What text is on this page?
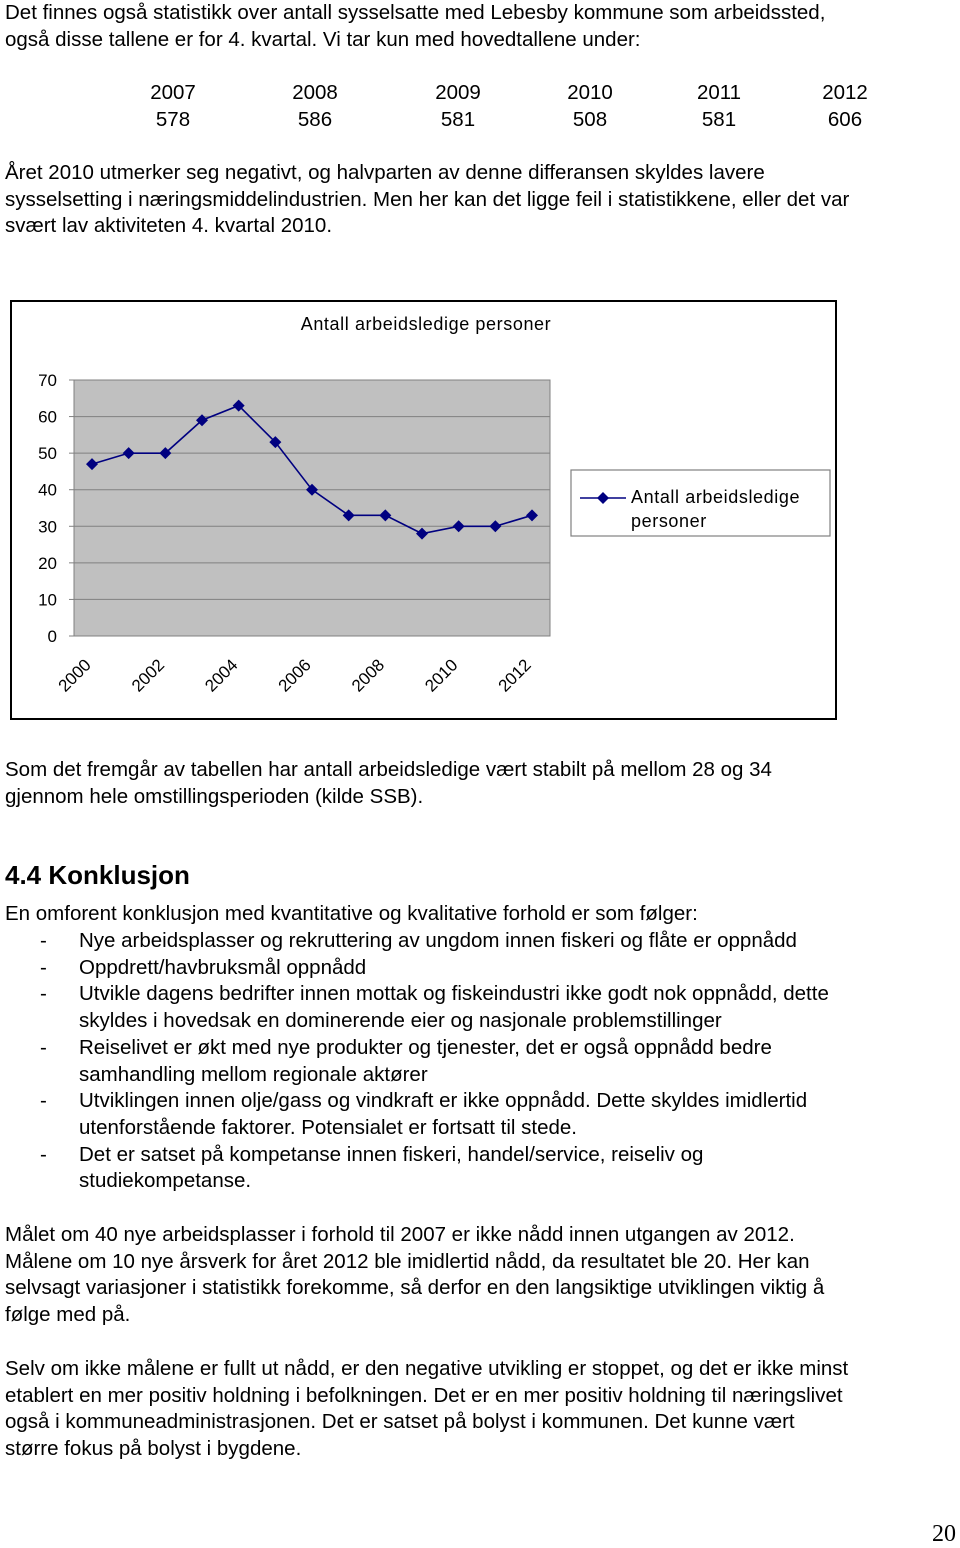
Det finnes også statistikk over antall sysselsatte med Lebesby kommune som arbeidssted,
også disse tallene er for 4. kvartal. Vi tar kun med hovedtallene under:

2007	2008	2009	2010	2011	2012
578	586	581	508	581	606

Året 2010 utmerker seg negativt, og halvparten av denne differansen skyldes lavere
sysselsetting i næringsmiddelindustrien. Men her kan det ligge feil i statistikkene, eller det var
svært lav aktiviteten 4. kvartal 2010.

Antall arbeidsledige personer
0
10
20
30
40
50
60
70
2000 2002 2004 2006 2008 2010 2012
Antall arbeidsledige
personer

Som det fremgår av tabellen har antall arbeidsledige vært stabilt på mellom 28 og 34
gjennom hele omstillingsperioden (kilde SSB).

4.4 Konklusjon

En omforent konklusjon med kvantitative og kvalitative forhold er som følger:

- Nye arbeidsplasser og rekruttering av ungdom innen fiskeri og flåte er oppnådd
- Oppdrett/havbruksmål oppnådd
- Utvikle dagens bedrifter innen mottak og fiskeindustri ikke godt nok oppnådd, dette
skyldes i hovedsak en dominerende eier og nasjonale problemstillinger
- Reiselivet er økt med nye produkter og tjenester, det er også oppnådd bedre
samhandling mellom regionale aktører
- Utviklingen innen olje/gass og vindkraft er ikke oppnådd. Dette skyldes imidlertid
utenforstående faktorer. Potensialet er fortsatt til stede.
- Det er satset på kompetanse innen fiskeri, handel/service, reiseliv og
studiekompetanse.

Målet om 40 nye arbeidsplasser i forhold til 2007 er ikke nådd innen utgangen av 2012.
Målene om 10 nye årsverk for året 2012 ble imidlertid nådd, da resultatet ble 20. Her kan
selvsagt variasjoner i statistikk forekomme, så derfor en den langsiktige utviklingen viktig å
følge med på.

Selv om ikke målene er fullt ut nådd, er den negative utvikling er stoppet, og det er ikke minst
etablert en mer positiv holdning i befolkningen. Det er en mer positiv holdning til næringslivet
også i kommuneadministrasjonen. Det er satset på bolyst i kommunen. Det kunne vært
større fokus på bolyst i bygdene.

20
